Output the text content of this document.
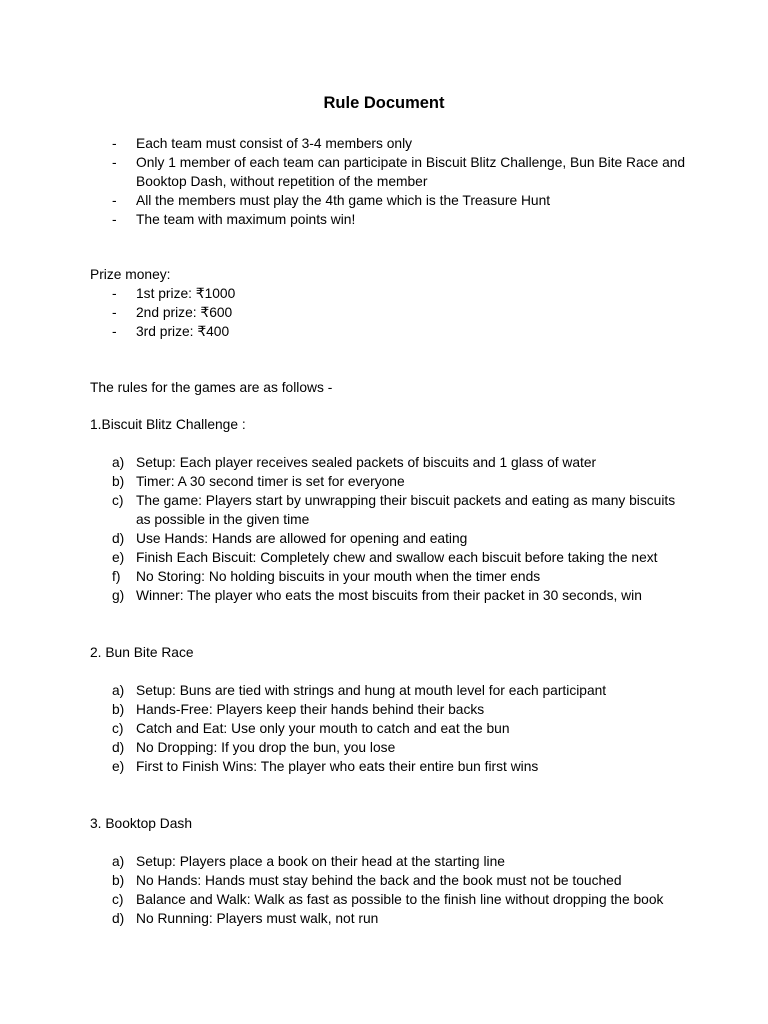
Rule Document
- Each team must consist of 3-4 members only
- Only 1 member of each team can participate in Biscuit Blitz Challenge, Bun Bite Race and Booktop Dash, without repetition of the member
- All the members must play the 4th game which is the Treasure Hunt
- The team with maximum points win!

Prize money:

- 1st prize: ₹1000
- 2nd prize: ₹600
- 3rd prize: ₹400

The rules for the games are as follows -

1.Biscuit Blitz Challenge :

a) Setup: Each player receives sealed packets of biscuits and 1 glass of water
b) Timer: A 30 second timer is set for everyone
c) The game: Players start by unwrapping their biscuit packets and eating as many biscuits as possible in the given time
d) Use Hands: Hands are allowed for opening and eating
e) Finish Each Biscuit: Completely chew and swallow each biscuit before taking the next
f) No Storing: No holding biscuits in your mouth when the timer ends
g) Winner: The player who eats the most biscuits from their packet in 30 seconds, win

2. Bun Bite Race

a) Setup: Buns are tied with strings and hung at mouth level for each participant
b) Hands-Free: Players keep their hands behind their backs
c) Catch and Eat: Use only your mouth to catch and eat the bun
d) No Dropping: If you drop the bun, you lose
e) First to Finish Wins: The player who eats their entire bun first wins

3. Booktop Dash

a) Setup: Players place a book on their head at the starting line
b) No Hands: Hands must stay behind the back and the book must not be touched
c) Balance and Walk: Walk as fast as possible to the finish line without dropping the book
d) No Running: Players must walk, not run
